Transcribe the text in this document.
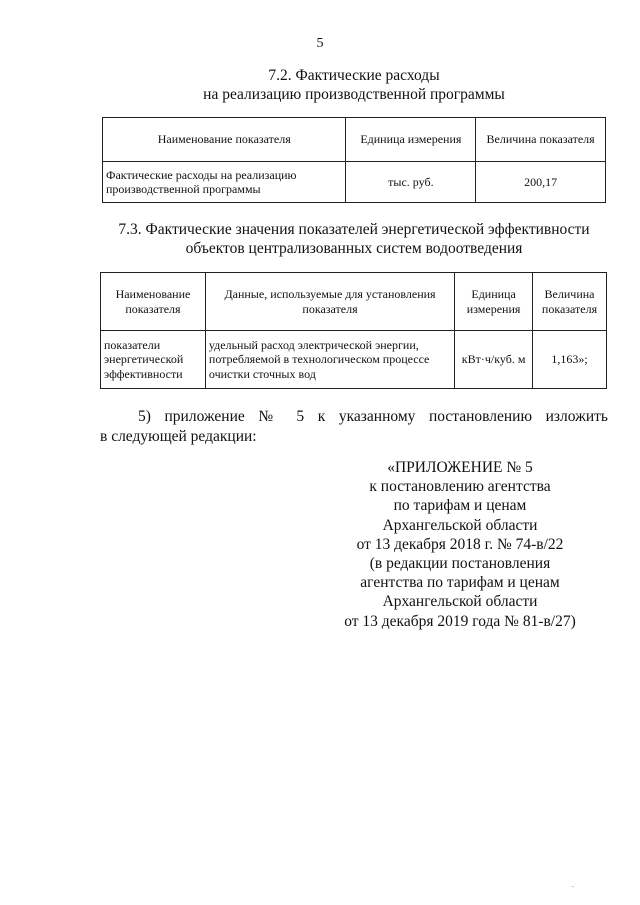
5
7.2. Фактические расходы
на реализацию производственной программы
Наименование показателя	Единица измерения	Величина показателя
Фактические расходы на реализацию производственной программы	тыс. руб.	200,17
7.3. Фактические значения показателей энергетической эффективности
объектов централизованных систем водоотведения
Наименование показателя	Данные, используемые для установления показателя	Единица измерения	Величина показателя
показатели энергетической эффективности	удельный расход электрической энергии, потребляемой в технологическом процессе очистки сточных вод	кВт·ч/куб. м	1,163»;
5) приложение № 5 к указанному постановлению изложить
в следующей редакции:
«ПРИЛОЖЕНИЕ № 5
к постановлению агентства
по тарифам и ценам
Архангельской области
от 13 декабря 2018 г. № 74-в/22
(в редакции постановления
агентства по тарифам и ценам
Архангельской области
от 13 декабря 2019 года № 81-в/27)
.
